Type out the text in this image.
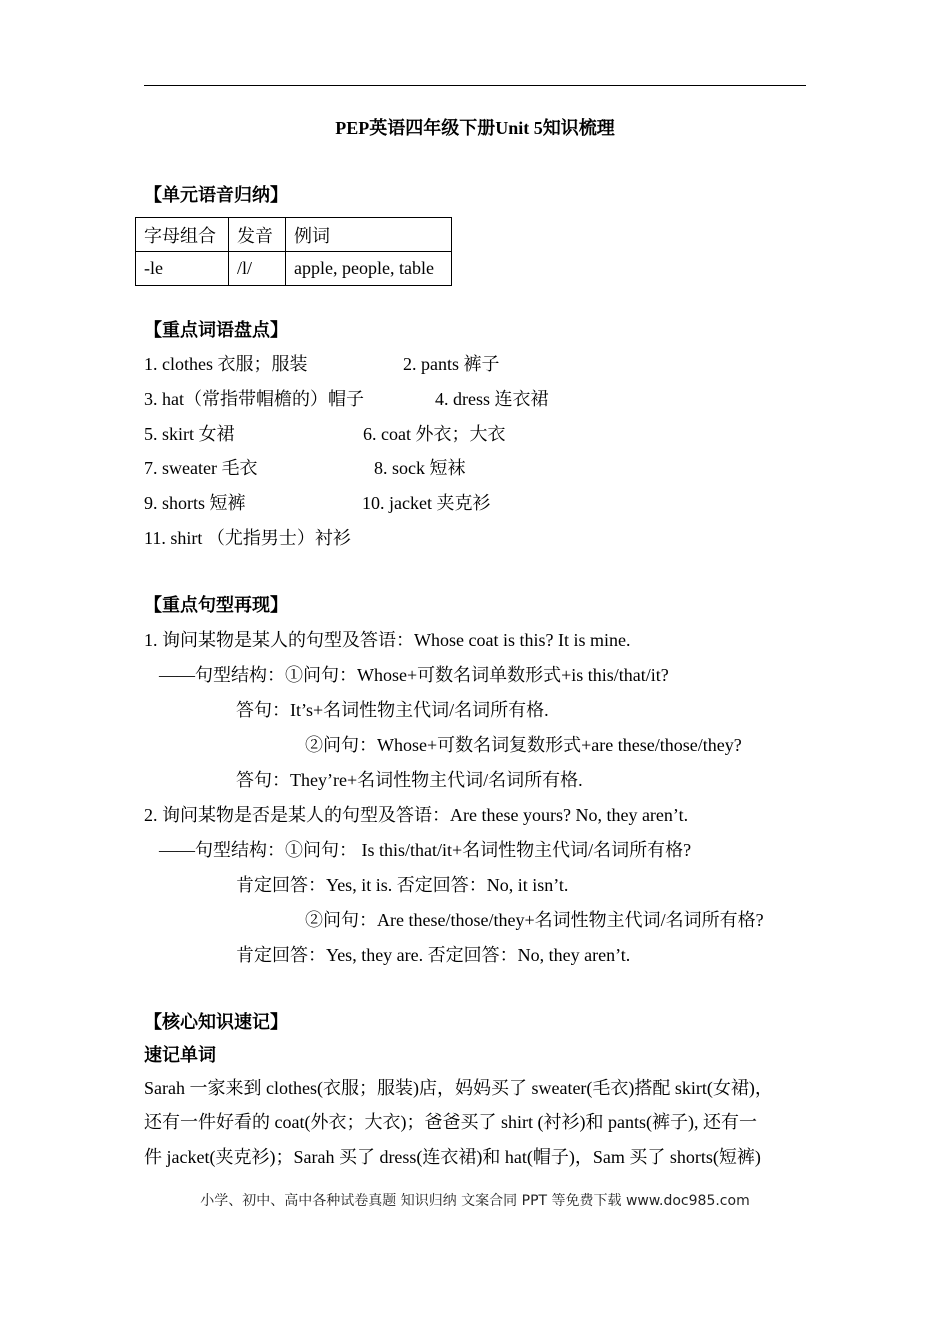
PEP英语四年级下册Unit 5知识梳理
【单元语音归纳】
字母组合	发音	例词
-le	/l/	apple, people, table
【重点词语盘点】
1. clothes 衣服；服装	2. pants 裤子
3. hat（常指带帽檐的）帽子	4. dress 连衣裙
5. skirt 女裙	6. coat 外衣；大衣
7. sweater 毛衣	8. sock 短袜
9. shorts 短裤	10. jacket 夹克衫
11. shirt （尤指男士）衬衫
【重点句型再现】
1. 询问某物是某人的句型及答语：Whose coat is this? It is mine.
——句型结构：①问句：Whose+可数名词单数形式+is this/that/it?
答句：It’s+名词性物主代词/名词所有格.
②问句：Whose+可数名词复数形式+are these/those/they?
答句：They’re+名词性物主代词/名词所有格.
2. 询问某物是否是某人的句型及答语：Are these yours? No, they aren’t.
——句型结构：①问句： Is this/that/it+名词性物主代词/名词所有格?
肯定回答：Yes, it is. 否定回答：No, it isn’t.
②问句：Are these/those/they+名词性物主代词/名词所有格?
肯定回答：Yes, they are. 否定回答：No, they aren’t.
【核心知识速记】
速记单词
Sarah 一家来到 clothes(衣服；服装)店，妈妈买了 sweater(毛衣)搭配 skirt(女裙)，
还有一件好看的 coat(外衣；大衣)；爸爸买了 shirt (衬衫)和 pants(裤子), 还有一
件 jacket(夹克衫)；Sarah 买了 dress(连衣裙)和 hat(帽子)，Sam 买了 shorts(短裤)
小学、初中、高中各种试卷真题 知识归纳 文案合同 PPT 等免费下载 www.doc985.com
